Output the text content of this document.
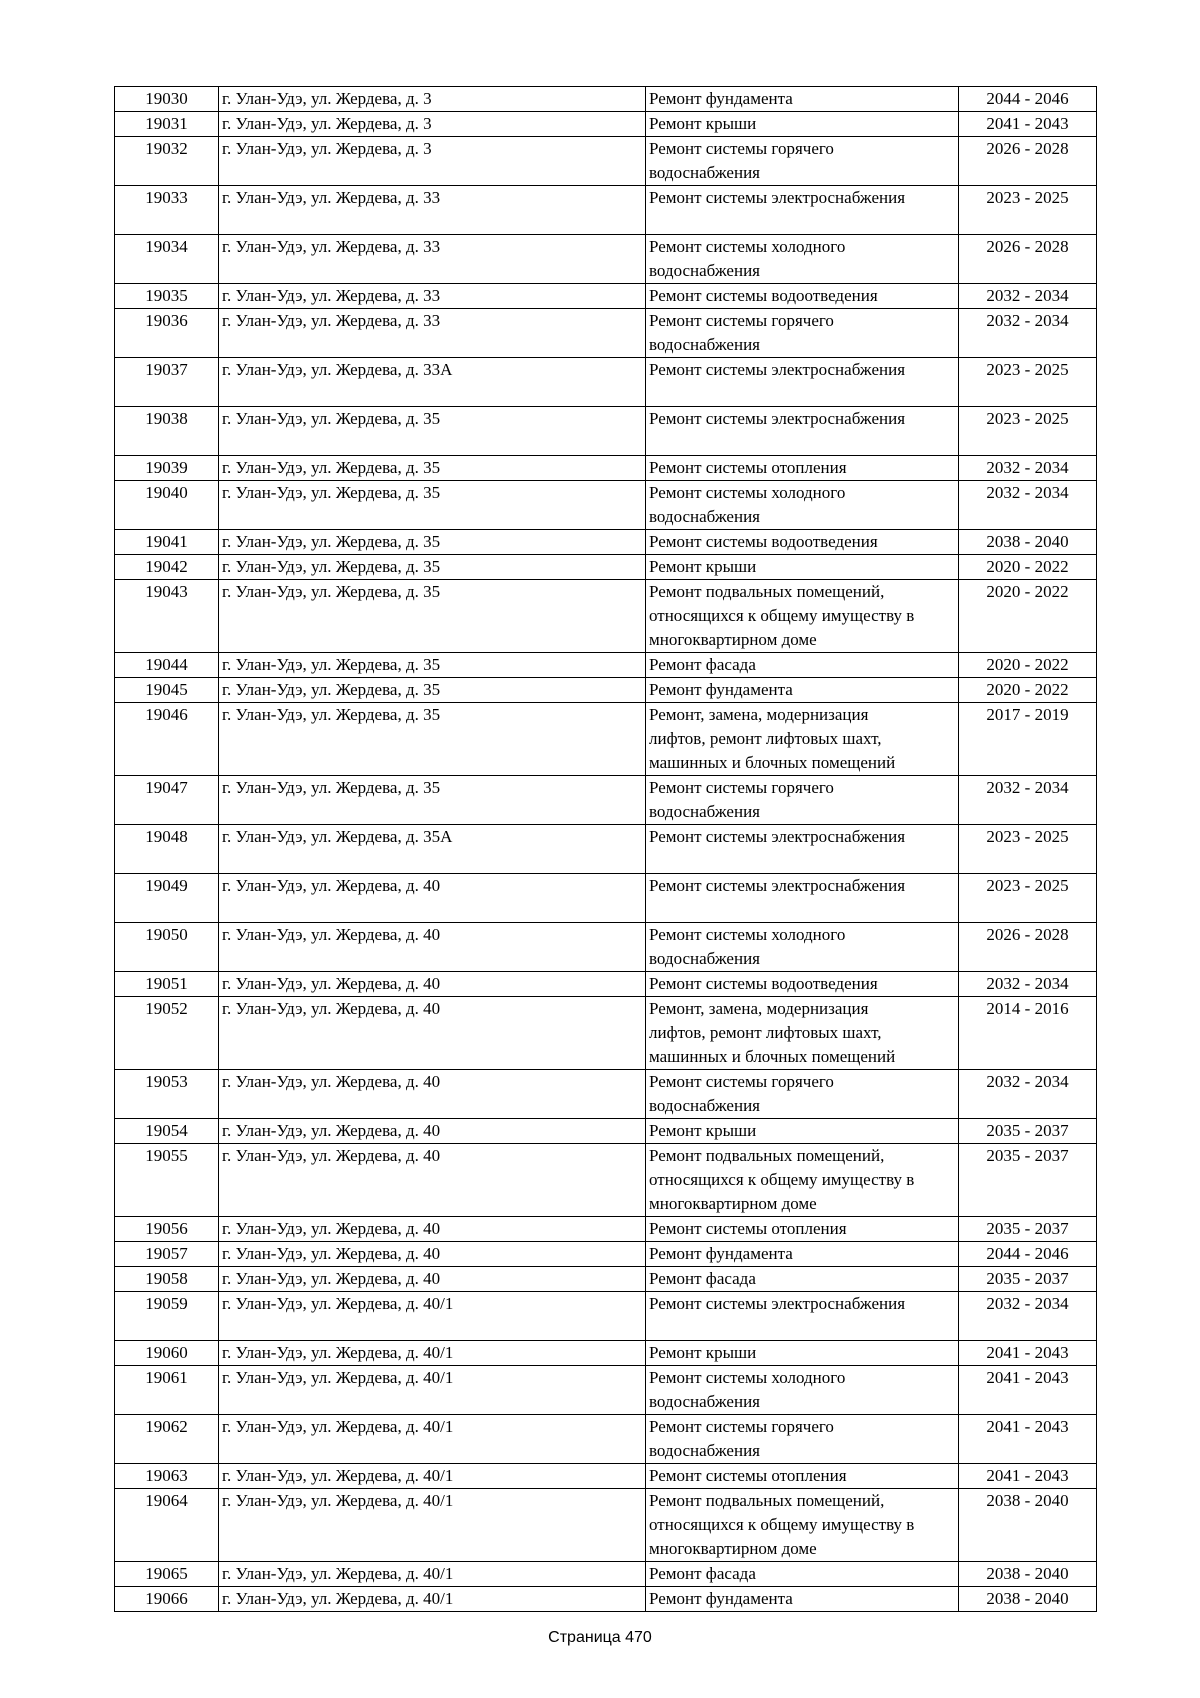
19030	г. Улан-Удэ, ул. Жердева, д. 3	Ремонт фундамента	2044 - 2046
19031	г. Улан-Удэ, ул. Жердева, д. 3	Ремонт крыши	2041 - 2043
19032	г. Улан-Удэ, ул. Жердева, д. 3	Ремонт системы горячего
водоснабжения	2026 - 2028
19033	г. Улан-Удэ, ул. Жердева, д. 33	Ремонт системы электроснабжения	2023 - 2025
19034	г. Улан-Удэ, ул. Жердева, д. 33	Ремонт системы холодного
водоснабжения	2026 - 2028
19035	г. Улан-Удэ, ул. Жердева, д. 33	Ремонт системы водоотведения	2032 - 2034
19036	г. Улан-Удэ, ул. Жердева, д. 33	Ремонт системы горячего
водоснабжения	2032 - 2034
19037	г. Улан-Удэ, ул. Жердева, д. 33А	Ремонт системы электроснабжения	2023 - 2025
19038	г. Улан-Удэ, ул. Жердева, д. 35	Ремонт системы электроснабжения	2023 - 2025
19039	г. Улан-Удэ, ул. Жердева, д. 35	Ремонт системы отопления	2032 - 2034
19040	г. Улан-Удэ, ул. Жердева, д. 35	Ремонт системы холодного
водоснабжения	2032 - 2034
19041	г. Улан-Удэ, ул. Жердева, д. 35	Ремонт системы водоотведения	2038 - 2040
19042	г. Улан-Удэ, ул. Жердева, д. 35	Ремонт крыши	2020 - 2022
19043	г. Улан-Удэ, ул. Жердева, д. 35	Ремонт подвальных помещений,
относящихся к общему имуществу в
многоквартирном доме	2020 - 2022
19044	г. Улан-Удэ, ул. Жердева, д. 35	Ремонт фасада	2020 - 2022
19045	г. Улан-Удэ, ул. Жердева, д. 35	Ремонт фундамента	2020 - 2022
19046	г. Улан-Удэ, ул. Жердева, д. 35	Ремонт, замена, модернизация
лифтов, ремонт лифтовых шахт,
машинных и блочных помещений	2017 - 2019
19047	г. Улан-Удэ, ул. Жердева, д. 35	Ремонт системы горячего
водоснабжения	2032 - 2034
19048	г. Улан-Удэ, ул. Жердева, д. 35А	Ремонт системы электроснабжения	2023 - 2025
19049	г. Улан-Удэ, ул. Жердева, д. 40	Ремонт системы электроснабжения	2023 - 2025
19050	г. Улан-Удэ, ул. Жердева, д. 40	Ремонт системы холодного
водоснабжения	2026 - 2028
19051	г. Улан-Удэ, ул. Жердева, д. 40	Ремонт системы водоотведения	2032 - 2034
19052	г. Улан-Удэ, ул. Жердева, д. 40	Ремонт, замена, модернизация
лифтов, ремонт лифтовых шахт,
машинных и блочных помещений	2014 - 2016
19053	г. Улан-Удэ, ул. Жердева, д. 40	Ремонт системы горячего
водоснабжения	2032 - 2034
19054	г. Улан-Удэ, ул. Жердева, д. 40	Ремонт крыши	2035 - 2037
19055	г. Улан-Удэ, ул. Жердева, д. 40	Ремонт подвальных помещений,
относящихся к общему имуществу в
многоквартирном доме	2035 - 2037
19056	г. Улан-Удэ, ул. Жердева, д. 40	Ремонт системы отопления	2035 - 2037
19057	г. Улан-Удэ, ул. Жердева, д. 40	Ремонт фундамента	2044 - 2046
19058	г. Улан-Удэ, ул. Жердева, д. 40	Ремонт фасада	2035 - 2037
19059	г. Улан-Удэ, ул. Жердева, д. 40/1	Ремонт системы электроснабжения	2032 - 2034
19060	г. Улан-Удэ, ул. Жердева, д. 40/1	Ремонт крыши	2041 - 2043
19061	г. Улан-Удэ, ул. Жердева, д. 40/1	Ремонт системы холодного
водоснабжения	2041 - 2043
19062	г. Улан-Удэ, ул. Жердева, д. 40/1	Ремонт системы горячего
водоснабжения	2041 - 2043
19063	г. Улан-Удэ, ул. Жердева, д. 40/1	Ремонт системы отопления	2041 - 2043
19064	г. Улан-Удэ, ул. Жердева, д. 40/1	Ремонт подвальных помещений,
относящихся к общему имуществу в
многоквартирном доме	2038 - 2040
19065	г. Улан-Удэ, ул. Жердева, д. 40/1	Ремонт фасада	2038 - 2040
19066	г. Улан-Удэ, ул. Жердева, д. 40/1	Ремонт фундамента	2038 - 2040
Страница 470
